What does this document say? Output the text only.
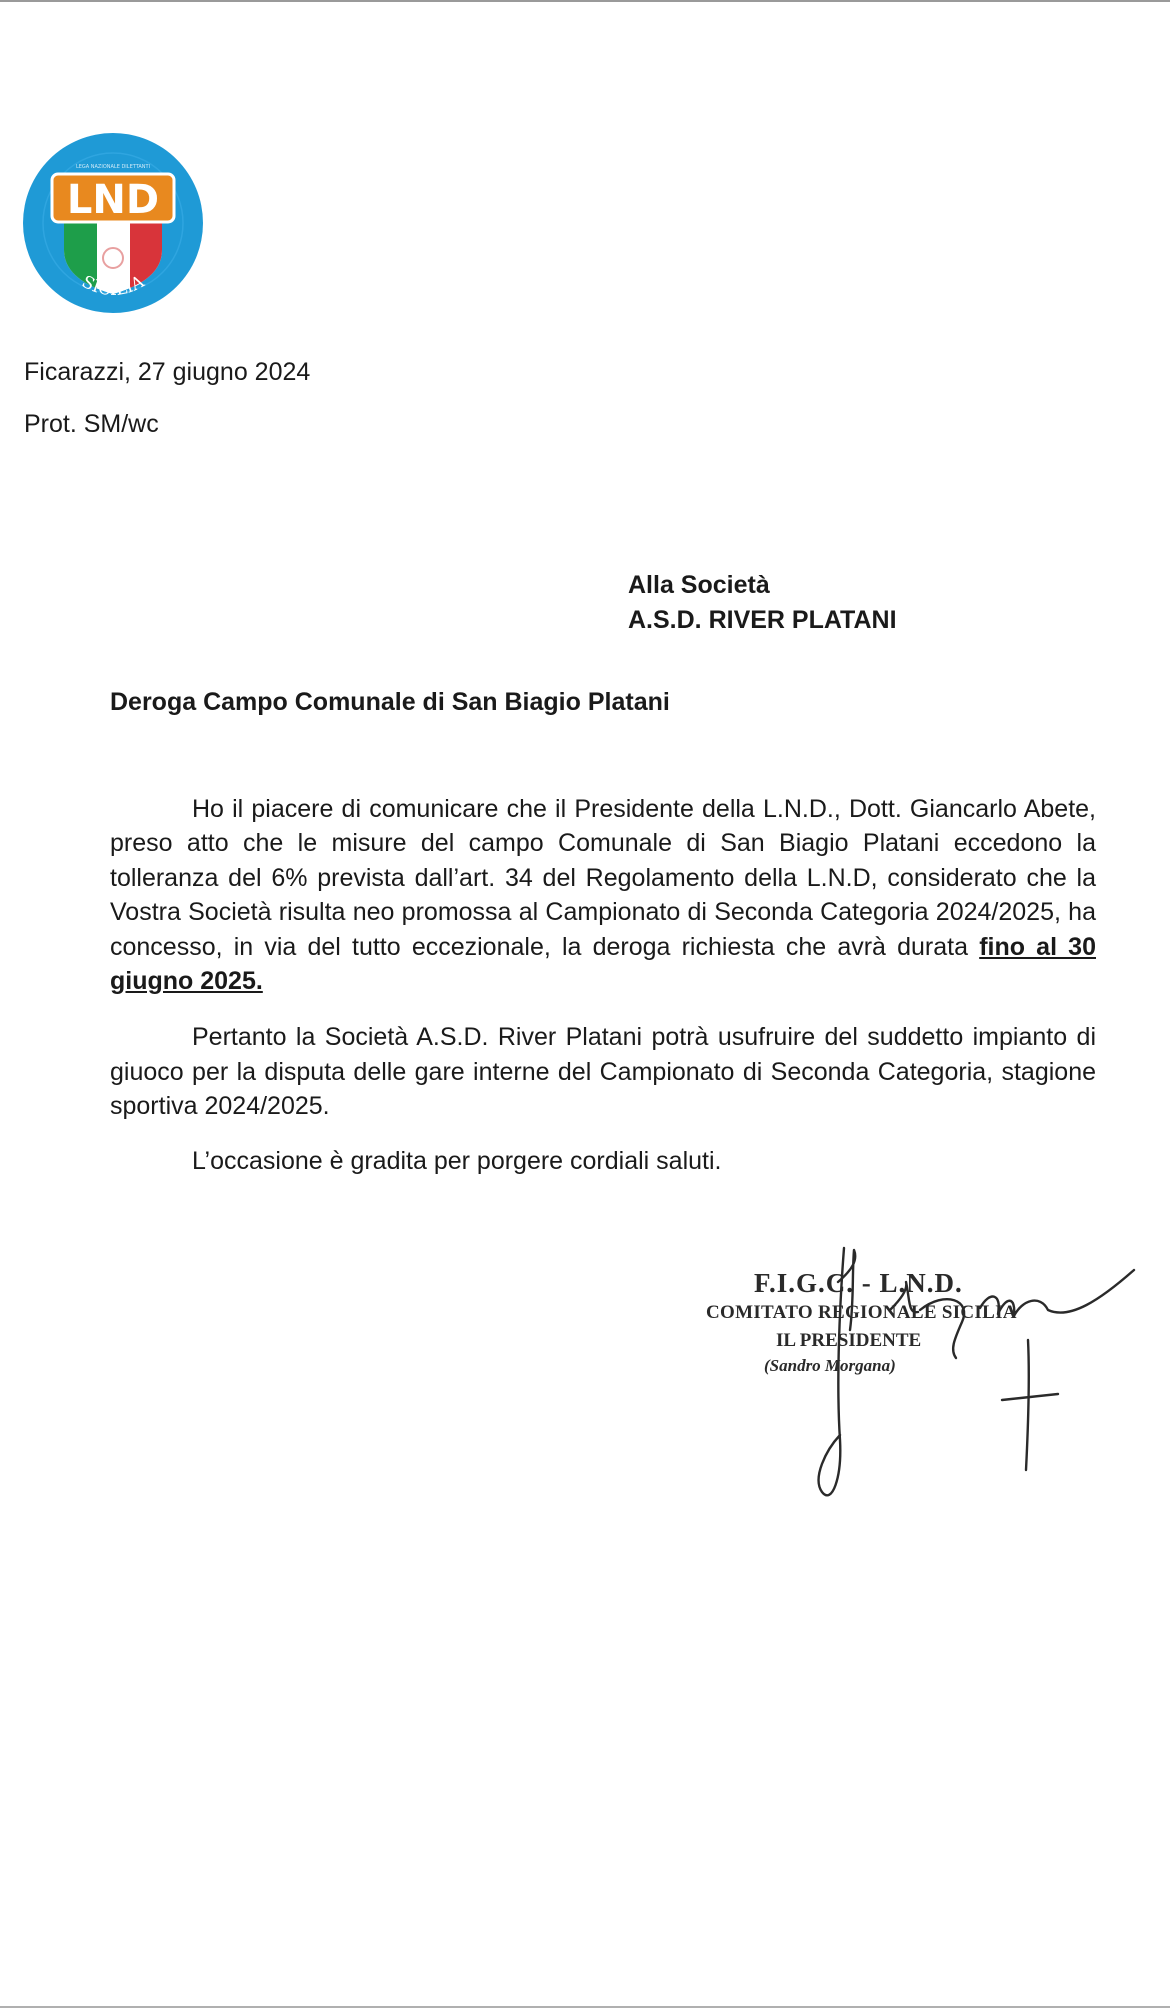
LND
LEGA NAZIONALE DILETTANTI
SICILIA
Ficarazzi, 27 giugno 2024
Prot. SM/wc
Alla Società
A.S.D. RIVER PLATANI
Deroga Campo Comunale di San Biagio Platani

Ho il piacere di comunicare che il Presidente della L.N.D., Dott. Giancarlo Abete, preso atto che le misure del campo Comunale di San Biagio Platani eccedono la tolleranza del 6% prevista dall’art. 34 del Regolamento della L.N.D, considerato che la Vostra Società risulta neo promossa al Campionato di Seconda Categoria 2024/2025, ha concesso, in via del tutto eccezionale, la deroga richiesta che avrà durata fino al 30 giugno 2025.

Pertanto la Società A.S.D. River Platani potrà usufruire del suddetto impianto di giuoco per la disputa delle gare interne del Campionato di Seconda Categoria, stagione sportiva 2024/2025.

L’occasione è gradita per porgere cordiali saluti.

F.I.G.C. - L.N.D.
COMITATO REGIONALE SICILIA
IL PRESIDENTE
(Sandro Morgana)
